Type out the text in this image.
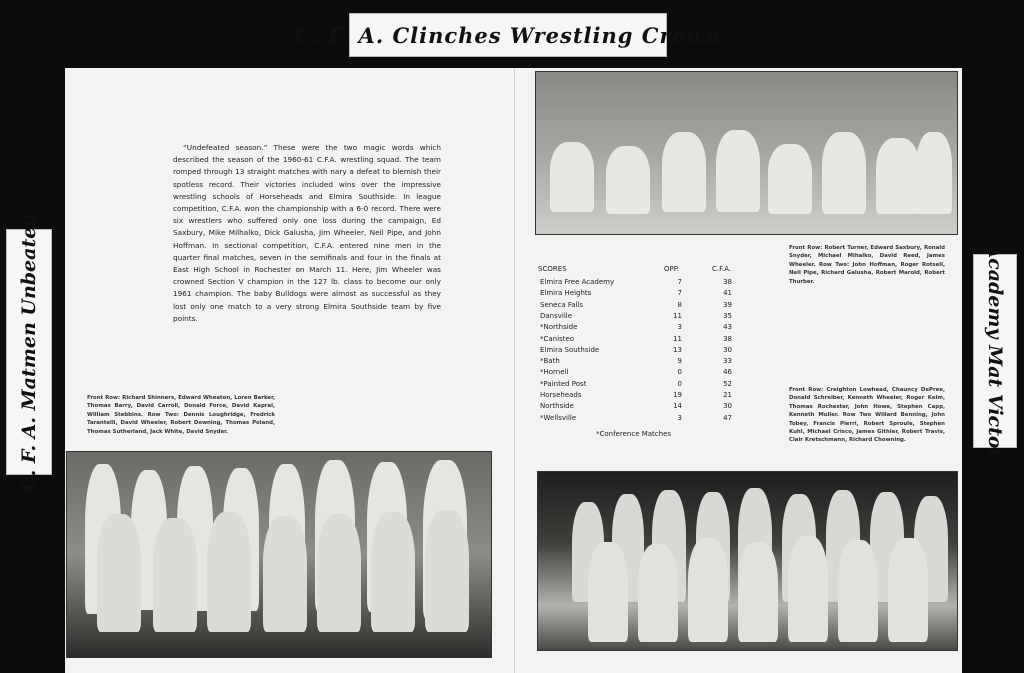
C. F. A. Clinches Wrestling Crown
C. F. A. Matmen Unbeaten	Academy Mat Victor
“Undefeated season.” These were the two magic words which described the season of the 1960-61 C.F.A. wrestling squad. The team romped through 13 straight matches with nary a defeat to blemish their spotless record. Their victories included wins over the impressive wrestling schools of Horseheads and Elmira Southside. In league competition, C.F.A. won the championship with a 6-0 record. There were six wrestlers who suffered only one loss during the campaign, Ed Saxbury, Mike Milhalko, Dick Galusha, Jim Wheeler, Neil Pipe, and John Hoffman. In sectional competition, C.F.A. entered nine men in the quarter final matches, seven in the semifinals and four in the finals at East High School in Rochester on March 11. Here, Jim Wheeler was crowned Section V champion in the 127 lb. class to become our only 1961 champion. The baby Bulldogs were almost as successful as they lost only one match to a very strong Elmira Southside team by five points.
Front Row: Richard Shinners, Edward Wheaton, Loren Barker, Thomas Barry, David Carroll, Donald Force, David Kapral, William Stebbins. Row Two: Dennis Loughridge, Fredrick Tarantelli, David Wheeler, Robert Downing, Thomas Poland, Thomas Sutherland, Jack White, David Snyder.
Front Row: Robert Turner, Edward Saxbury, Ronald Snyder, Michael Mihalko, David Reed, James Wheeler. Row Two: John Hoffman, Roger Rotsell, Neil Pipe, Richard Galusha, Robert Marold, Robert Thurber.
SCORES	OPP.	C.F.A.
Elmira Free Academy	7	38
Elmira Heights	7	41
Seneca Falls	8	39
Dansville	11	35
*Northside	3	43
*Canisteo	11	38
Elmira Southside	13	30
*Bath	9	33
*Hornell	0	46
*Painted Post	0	52
Horseheads	19	21
Northside	14	30
*Wellsville	3	47
*Conference Matches
Front Row: Creighton Lowhead, Chauncy DePree, Donald Schreiber, Kenneth Wheeler, Roger Kelm, Thomas Rochester, John Howe, Stephen Capp, Kenneth Muller. Row Two Willard Benning, John Tobey, Francis Pierri, Robert Sproule, Stephen Kuhl, Michael Crisco, James Githler, Robert Travis, Clair Kretschmann, Richard Chowning.
